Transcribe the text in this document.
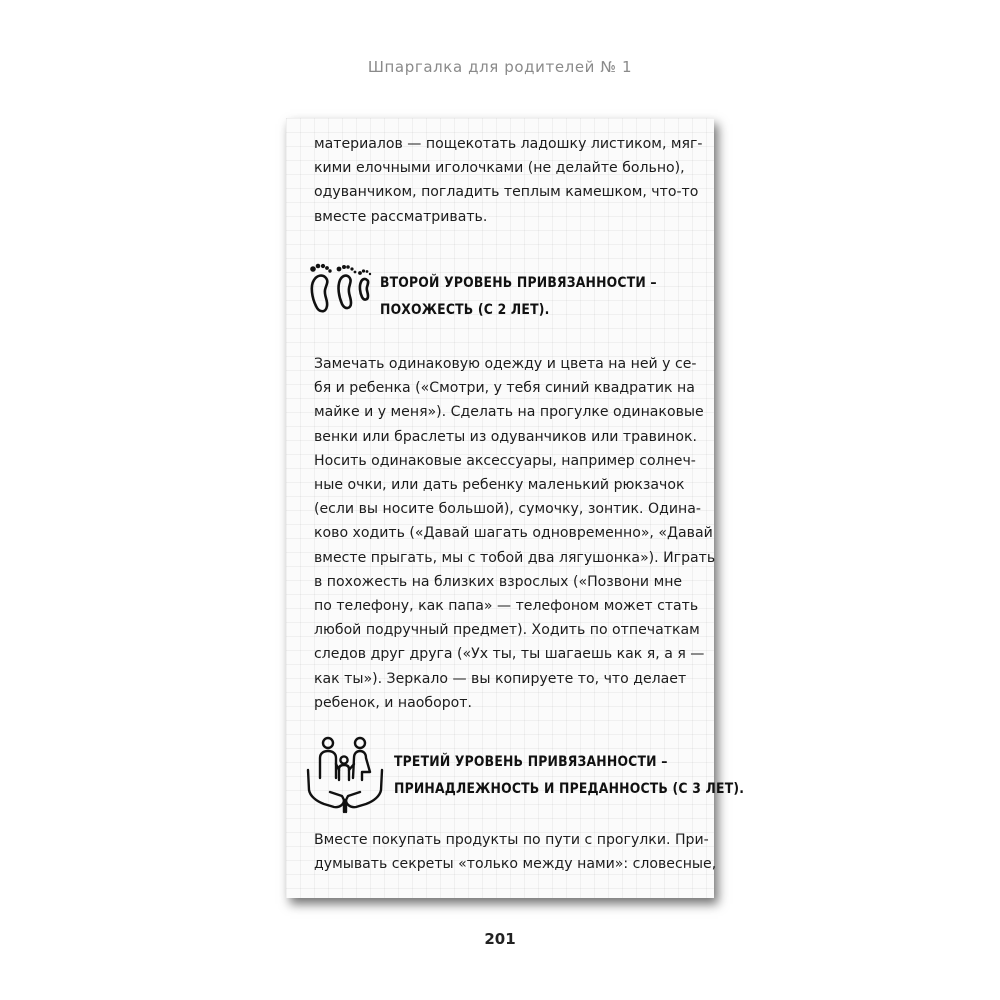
Шпаргалка для родителей № 1
материалов — пощекотать ладошку листиком, мяг-
кими елочными иголочками (не делайте больно),
одуванчиком, погладить теплым камешком, что-то
вместе рассматривать.
ВТОРОЙ УРОВЕНЬ ПРИВЯЗАННОСТИ –
ПОХОЖЕСТЬ (С 2 ЛЕТ).
Замечать одинаковую одежду и цвета на ней у се-
бя и ребенка («Смотри, у тебя синий квадратик на
майке и у меня»). Сделать на прогулке одинаковые
венки или браслеты из одуванчиков или травинок.
Носить одинаковые аксессуары, например солнеч-
ные очки, или дать ребенку маленький рюкзачок
(если вы носите большой), сумочку, зонтик. Одина-
ково ходить («Давай шагать одновременно», «Давай
вместе прыгать, мы с тобой два лягушонка»). Играть
в похожесть на близких взрослых («Позвони мне
по телефону, как папа» — телефоном может стать
любой подручный предмет). Ходить по отпечаткам
следов друг друга («Ух ты, ты шагаешь как я, а я —
как ты»). Зеркало — вы копируете то, что делает
ребенок, и наоборот.
ТРЕТИЙ УРОВЕНЬ ПРИВЯЗАННОСТИ –
ПРИНАДЛЕЖНОСТЬ И ПРЕДАННОСТЬ (С 3 ЛЕТ).
Вместе покупать продукты по пути с прогулки. При-
думывать секреты «только между нами»: словесные,
201
